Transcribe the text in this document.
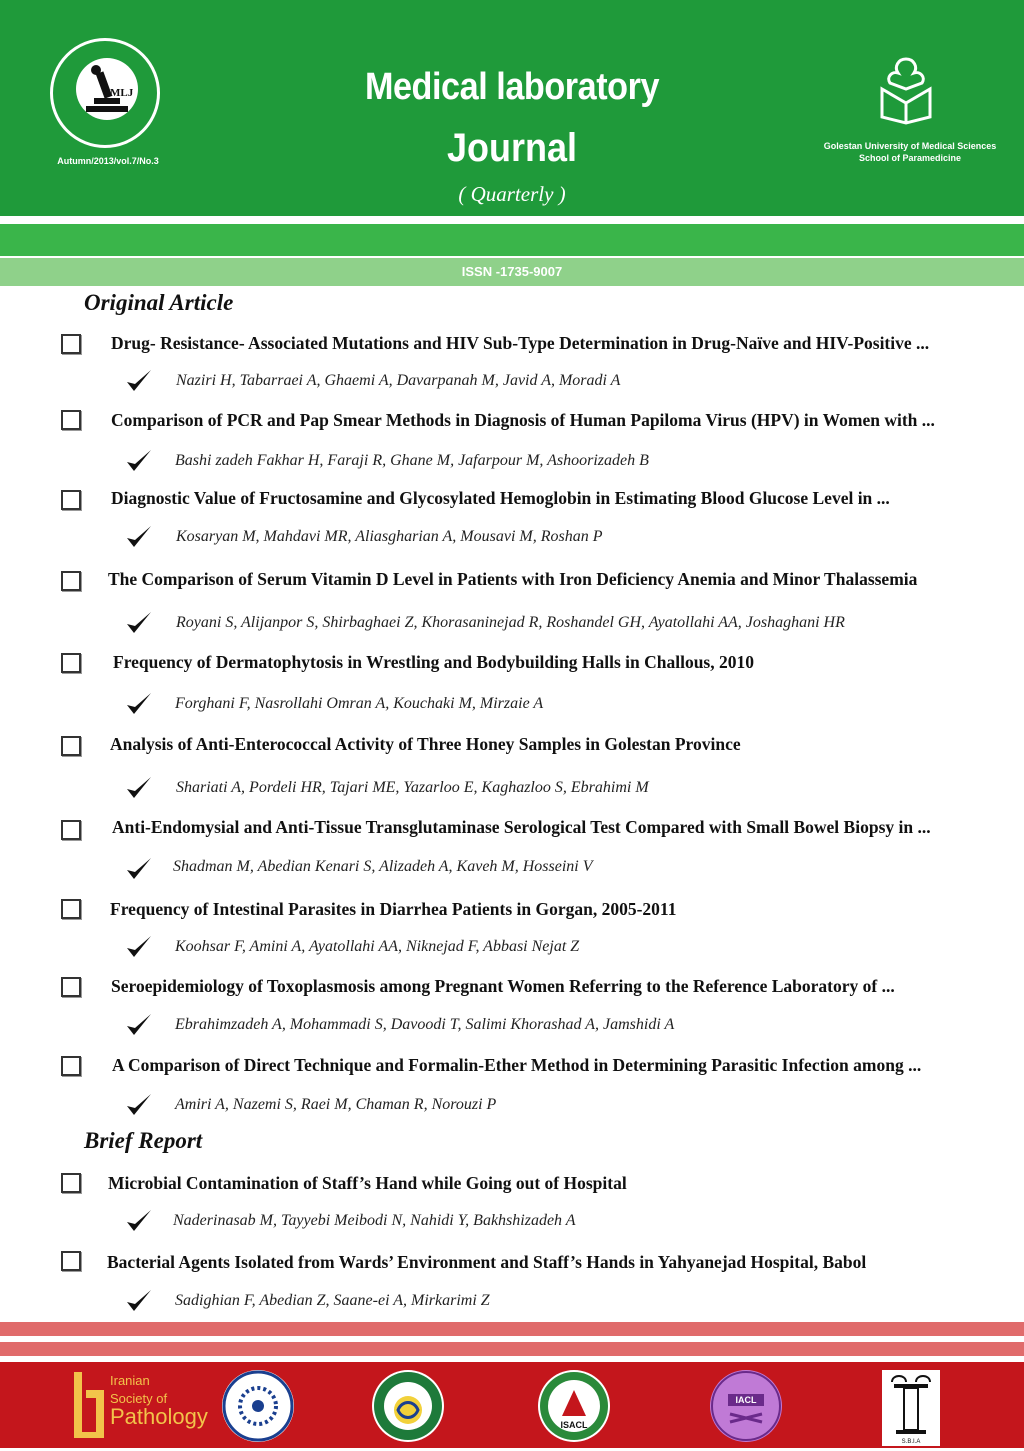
MLJ
Autumn/2013/vol.7/No.3
Medical laboratory
Journal
( Quarterly )
Golestan University of Medical Sciences
School of Paramedicine
ISSN -1735-9007
Original Article
Brief Report
Drug- Resistance- Associated Mutations and HIV Sub-Type Determination in Drug-Naïve and HIV-Positive ...
Naziri H, Tabarraei A, Ghaemi A, Davarpanah M, Javid A, Moradi A
Comparison of PCR and Pap Smear Methods in Diagnosis of Human Papiloma Virus (HPV) in Women with ...
Bashi zadeh Fakhar H, Faraji R, Ghane M, Jafarpour M, Ashoorizadeh B
Diagnostic Value of Fructosamine and Glycosylated Hemoglobin in Estimating Blood Glucose Level in ...
Kosaryan M, Mahdavi MR, Aliasgharian A, Mousavi M, Roshan P
The Comparison of Serum Vitamin D Level in Patients with Iron Deficiency Anemia and Minor Thalassemia
Royani S, Alijanpor S, Shirbaghaei Z, Khorasaninejad R, Roshandel GH, Ayatollahi AA, Joshaghani HR
Frequency of Dermatophytosis in Wrestling and Bodybuilding Halls in Challous, 2010
Forghani F, Nasrollahi Omran A, Kouchaki M, Mirzaie A
Analysis of Anti-Enterococcal Activity of Three Honey Samples in Golestan Province
Shariati A, Pordeli HR, Tajari ME, Yazarloo E, Kaghazloo S, Ebrahimi M
Anti-Endomysial and Anti-Tissue Transglutaminase Serological Test Compared with Small Bowel Biopsy in ...
Shadman M, Abedian Kenari S, Alizadeh A, Kaveh M, Hosseini V
Frequency of Intestinal Parasites in Diarrhea Patients in Gorgan, 2005-2011
Koohsar F, Amini A, Ayatollahi AA, Niknejad F, Abbasi Nejat Z
Seroepidemiology of Toxoplasmosis among Pregnant Women Referring to the Reference Laboratory of ...
Ebrahimzadeh A, Mohammadi S, Davoodi T, Salimi Khorashad A, Jamshidi A
A Comparison of Direct Technique and Formalin-Ether Method in Determining Parasitic Infection among ...
Amiri A, Nazemi S, Raei M, Chaman R, Norouzi P
Microbial Contamination of Staff’s Hand while Going out of Hospital
Naderinasab M, Tayyebi Meibodi N, Nahidi Y, Bakhshizadeh A
Bacterial Agents Isolated from Wards’ Environment and Staff’s Hands in Yahyanejad Hospital, Babol
Sadighian F, Abedian Z, Saane-ei A, Mirkarimi Z
Iranian
Society of
Pathology	ISACL
IACL
S.B.I.A
